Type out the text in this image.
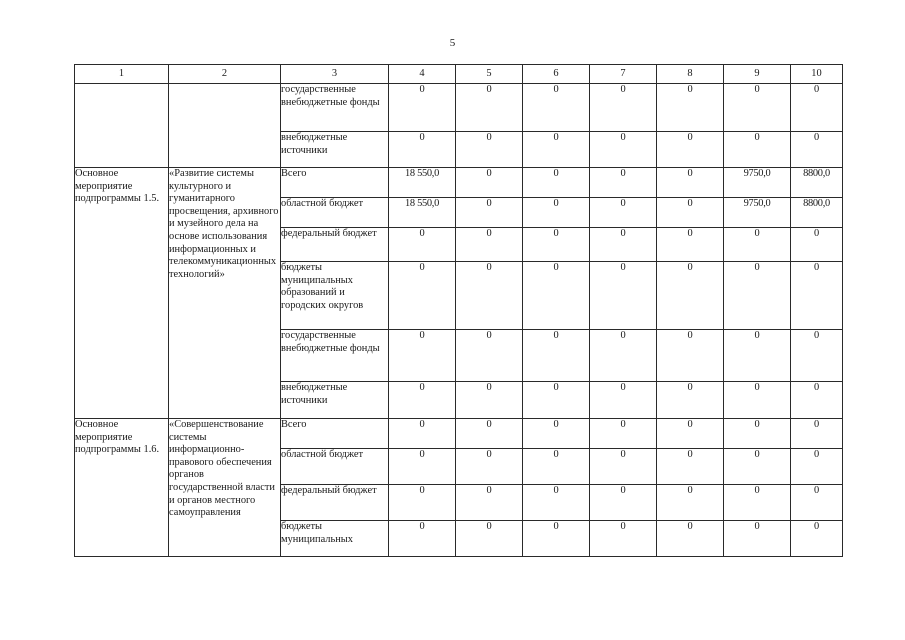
5
1	2	3	4	5	6	7	8	9	10
		государственные внебюджетные фонды	0	0	0	0	0	0	0
		внебюджетные источники	0	0	0	0	0	0	0
Основное мероприятие подпрограммы 1.5.	«Развитие системы культурного и гуманитарного просвещения, архивного и музейного дела на основе использования информационных и телекоммуникационных технологий»	Всего	18 550,0	0	0	0	0	9750,0	8800,0
		областной бюджет	18 550,0	0	0	0	0	9750,0	8800,0
		федеральный бюджет	0	0	0	0	0	0	0
		бюджеты муниципальных образований и городских округов	0	0	0	0	0	0	0
		государственные внебюджетные фонды	0	0	0	0	0	0	0
		внебюджетные источники	0	0	0	0	0	0	0
Основное мероприятие подпрограммы 1.6.	«Совершенствование системы информационно-правового обеспечения органов государственной власти и органов местного самоуправления	Всего	0	0	0	0	0	0	0
		областной бюджет	0	0	0	0	0	0	0
		федеральный бюджет	0	0	0	0	0	0	0
		бюджеты муниципальных	0	0	0	0	0	0	0
